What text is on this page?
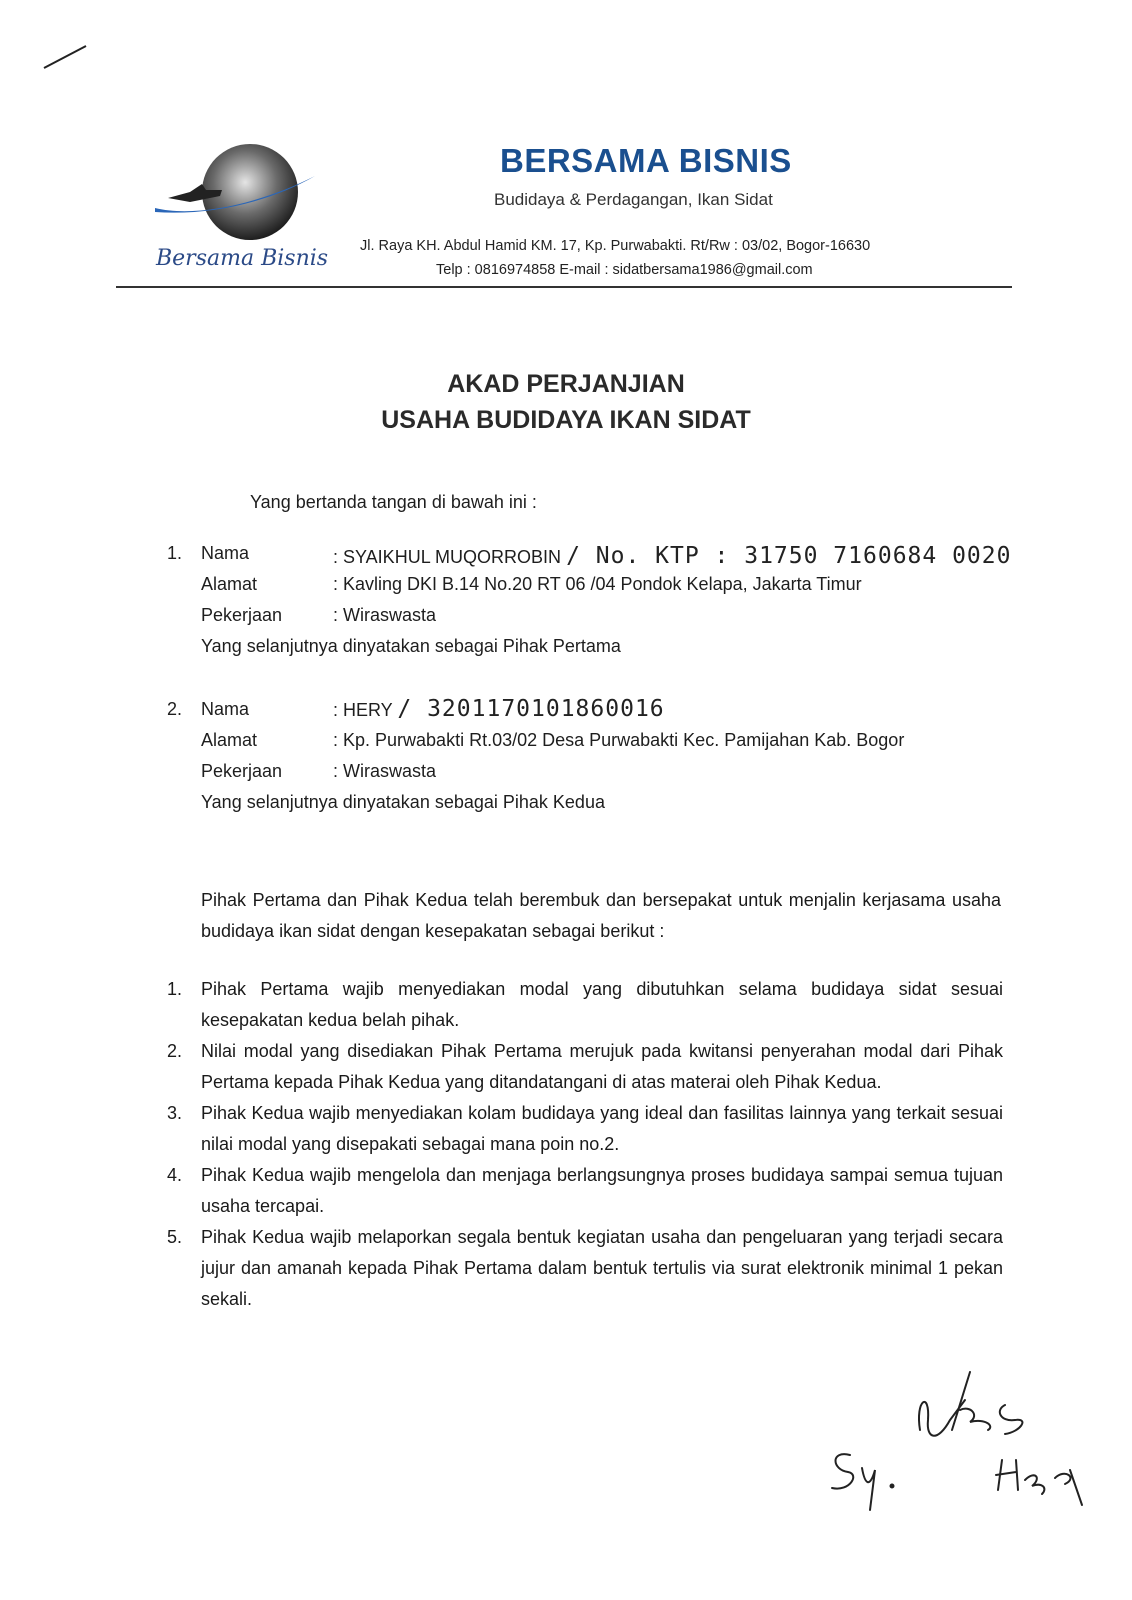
Bersama Bisnis
BERSAMA BISNIS
Budidaya & Perdagangan, Ikan Sidat
Jl. Raya KH. Abdul Hamid KM. 17, Kp. Purwabakti. Rt/Rw : 03/02, Bogor-16630
Telp : 0816974858 E-mail : sidatbersama1986@gmail.com
AKAD PERJANJIAN
USAHA BUDIDAYA IKAN SIDAT
Yang bertanda tangan di bawah ini :
1. Nama	: SYAIKHUL MUQORROBIN / No. KTP : 31750 7160684 0020
Alamat	: Kavling DKI B.14 No.20 RT 06 /04 Pondok Kelapa, Jakarta Timur
Pekerjaan	: Wiraswasta
Yang selanjutnya dinyatakan sebagai Pihak Pertama
2. Nama	: HERY / 3201170101860016
Alamat	: Kp. Purwabakti Rt.03/02 Desa Purwabakti Kec. Pamijahan Kab. Bogor
Pekerjaan	: Wiraswasta
Yang selanjutnya dinyatakan sebagai Pihak Kedua
Pihak Pertama dan Pihak Kedua telah berembuk dan bersepakat untuk menjalin kerjasama usaha budidaya ikan sidat dengan kesepakatan sebagai berikut :
1. Pihak Pertama wajib menyediakan modal yang dibutuhkan selama budidaya sidat sesuai kesepakatan kedua belah pihak.
2. Nilai modal yang disediakan Pihak Pertama merujuk pada kwitansi penyerahan modal dari Pihak Pertama kepada Pihak Kedua yang ditandatangani di atas materai oleh Pihak Kedua.
3. Pihak Kedua wajib menyediakan kolam budidaya yang ideal dan fasilitas lainnya yang terkait sesuai nilai modal yang disepakati sebagai mana poin no.2.
4. Pihak Kedua wajib mengelola dan menjaga berlangsungnya proses budidaya sampai semua tujuan usaha tercapai.
5. Pihak Kedua wajib melaporkan segala bentuk kegiatan usaha dan pengeluaran yang terjadi secara jujur dan amanah kepada Pihak Pertama dalam bentuk tertulis via surat elektronik minimal 1 pekan sekali.
